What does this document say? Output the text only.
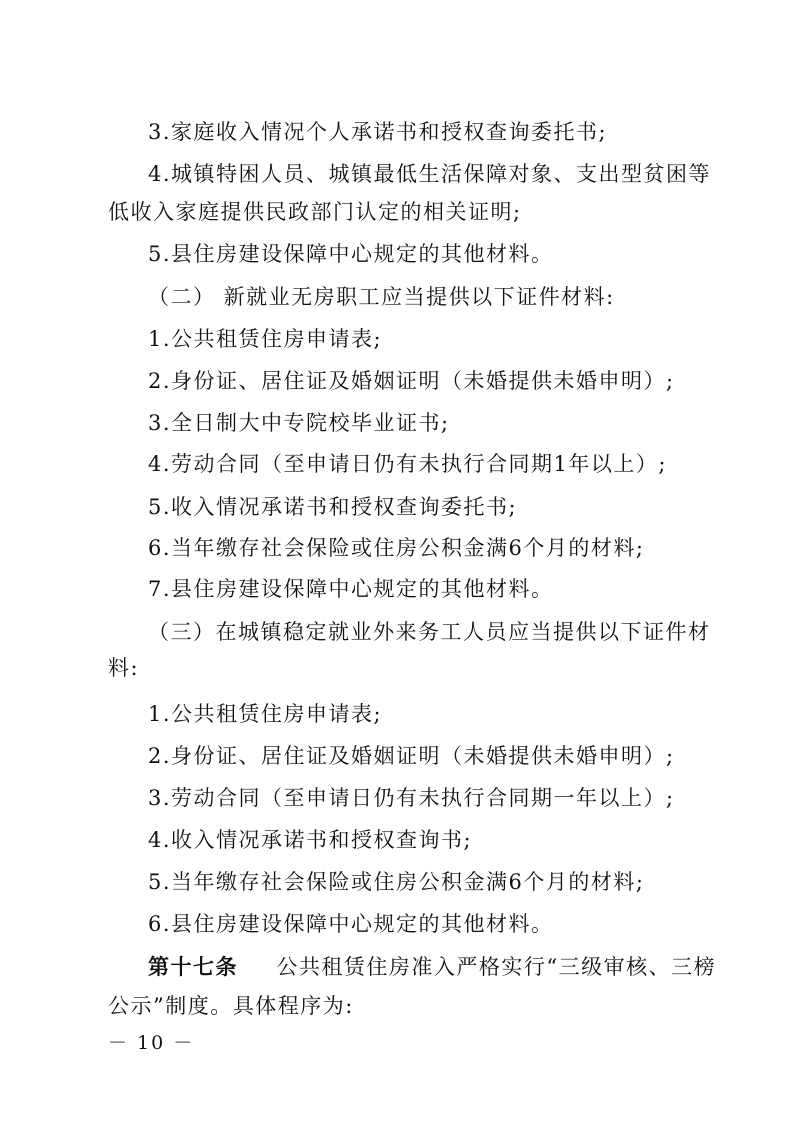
3.家庭收入情况个人承诺书和授权查询委托书;
4.城镇特困人员、城镇最低生活保障对象、支出型贫困等
低收入家庭提供民政部门认定的相关证明;
5.县住房建设保障中心规定的其他材料。
（二） 新就业无房职工应当提供以下证件材料:
1.公共租赁住房申请表;
2.身份证、居住证及婚姻证明（未婚提供未婚申明）;
3.全日制大中专院校毕业证书;
4.劳动合同（至申请日仍有未执行合同期1年以上）;
5.收入情况承诺书和授权查询委托书;
6.当年缴存社会保险或住房公积金满6个月的材料;
7.县住房建设保障中心规定的其他材料。
（三）在城镇稳定就业外来务工人员应当提供以下证件材
料:
1.公共租赁住房申请表;
2.身份证、居住证及婚姻证明（未婚提供未婚申明）;
3.劳动合同（至申请日仍有未执行合同期一年以上）;
4.收入情况承诺书和授权查询书;
5.当年缴存社会保险或住房公积金满6个月的材料;
6.县住房建设保障中心规定的其他材料。
第十七条 公共租赁住房准入严格实行“三级审核、三榜
公示”制度。具体程序为:
－ 10 －
